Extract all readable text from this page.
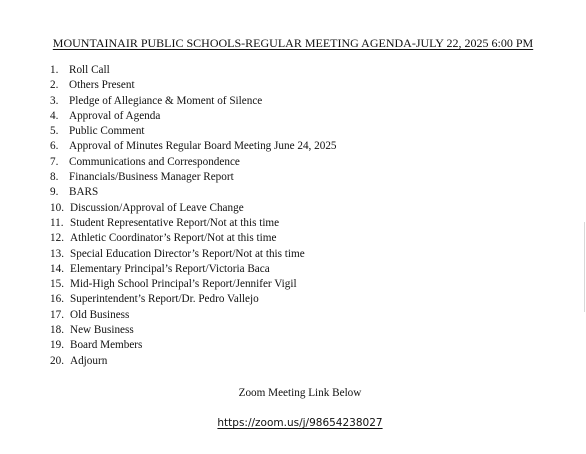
MOUNTAINAIR PUBLIC SCHOOLS-REGULAR MEETING AGENDA-JULY 22, 2025 6:00 PM
1. Roll Call
2. Others Present
3. Pledge of Allegiance & Moment of Silence
4. Approval of Agenda
5. Public Comment
6. Approval of Minutes Regular Board Meeting June 24, 2025
7. Communications and Correspondence
8. Financials/Business Manager Report
9. BARS
10. Discussion/Approval of Leave Change
11. Student Representative Report/Not at this time
12. Athletic Coordinator’s Report/Not at this time
13. Special Education Director’s Report/Not at this time
14. Elementary Principal’s Report/Victoria Baca
15. Mid-High School Principal’s Report/Jennifer Vigil
16. Superintendent’s Report/Dr. Pedro Vallejo
17. Old Business
18. New Business
19. Board Members
20. Adjourn
Zoom Meeting Link Below
https://zoom.us/j/98654238027
